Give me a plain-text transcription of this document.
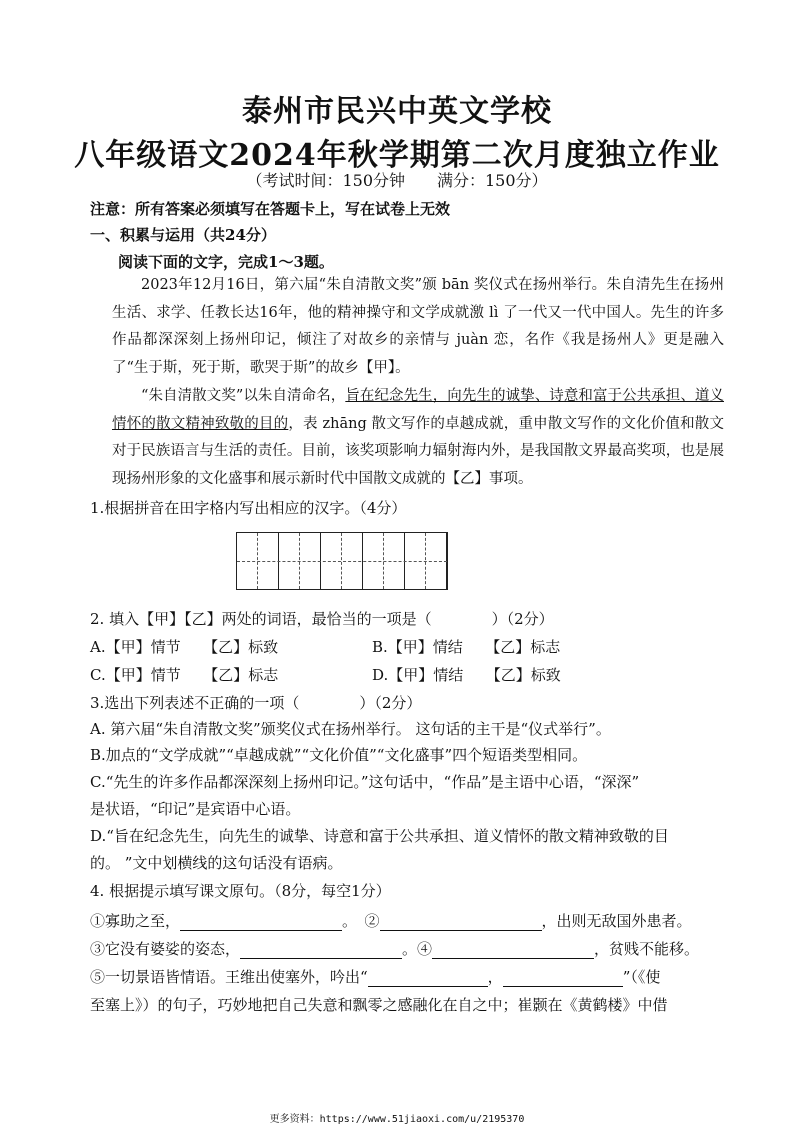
泰州市民兴中英文学校
八年级语文2024年秋学期第二次月度独立作业
（考试时间：150分钟　　满分：150分）
注意：所有答案必须填写在答题卡上，写在试卷上无效
一、积累与运用（共24分）
阅读下面的文字，完成1～3题。
2023年12月16日，第六届“朱自清散文奖”颁 bān 奖仪式在扬州举行。朱自清先生在扬州生活、求学、任教长达16年，他的精神操守和文学成就激 lì 了一代又一代中国人。先生的许多作品都深深刻上扬州印记，倾注了对故乡的亲情与 juàn 恋，名作《我是扬州人》更是融入了“生于斯，死于斯，歌哭于斯”的故乡【甲】。
“朱自清散文奖”以朱自清命名，旨在纪念先生，向先生的诚挚、诗意和富于公共承担、道义情怀的散文精神致敬的目的，表 zhāng 散文写作的卓越成就，重申散文写作的文化价值和散文对于民族语言与生活的责任。目前，该奖项影响力辐射海内外，是我国散文界最高奖项，也是展现扬州形象的文化盛事和展示新时代中国散文成就的【乙】事项。
1.根据拼音在田字格内写出相应的汉字。（4分）
2. 填入【甲】【乙】两处的词语，最恰当的一项是（　　　　）（2分）
A.【甲】情节　　【乙】标致	B.【甲】情结　　【乙】标志
C.【甲】情节　　【乙】标志	D.【甲】情结　　【乙】标致
3.选出下列表述不正确的一项（　　　　）（2分）
A. 第六届“朱自清散文奖”颁奖仪式在扬州举行。 这句话的主干是“仪式举行”。
B.加点的“文学成就”“卓越成就”“文化价值”“文化盛事”四个短语类型相同。
C.“先生的许多作品都深深刻上扬州印记。”这句话中，“作品”是主语中心语，“深深”
是状语，“印记”是宾语中心语。
D.“旨在纪念先生，向先生的诚挚、诗意和富于公共承担、道义情怀的散文精神致敬的目
的。 ”文中划横线的这句话没有语病。
4. 根据提示填写课文原句。（8分，每空1分）
①寡助之至，	。　②	，出则无敌国外患者。
③它没有婆娑的姿态，	。④	，贫贱不能移。
⑤一切景语皆情语。王维出使塞外，吟出“	，	”（《使
至塞上》）的句子，巧妙地把自己失意和飘零之感融化在自之中；崔颢在《黄鹤楼》中借
更多资料：https://www.51jiaoxi.com/u/2195370
